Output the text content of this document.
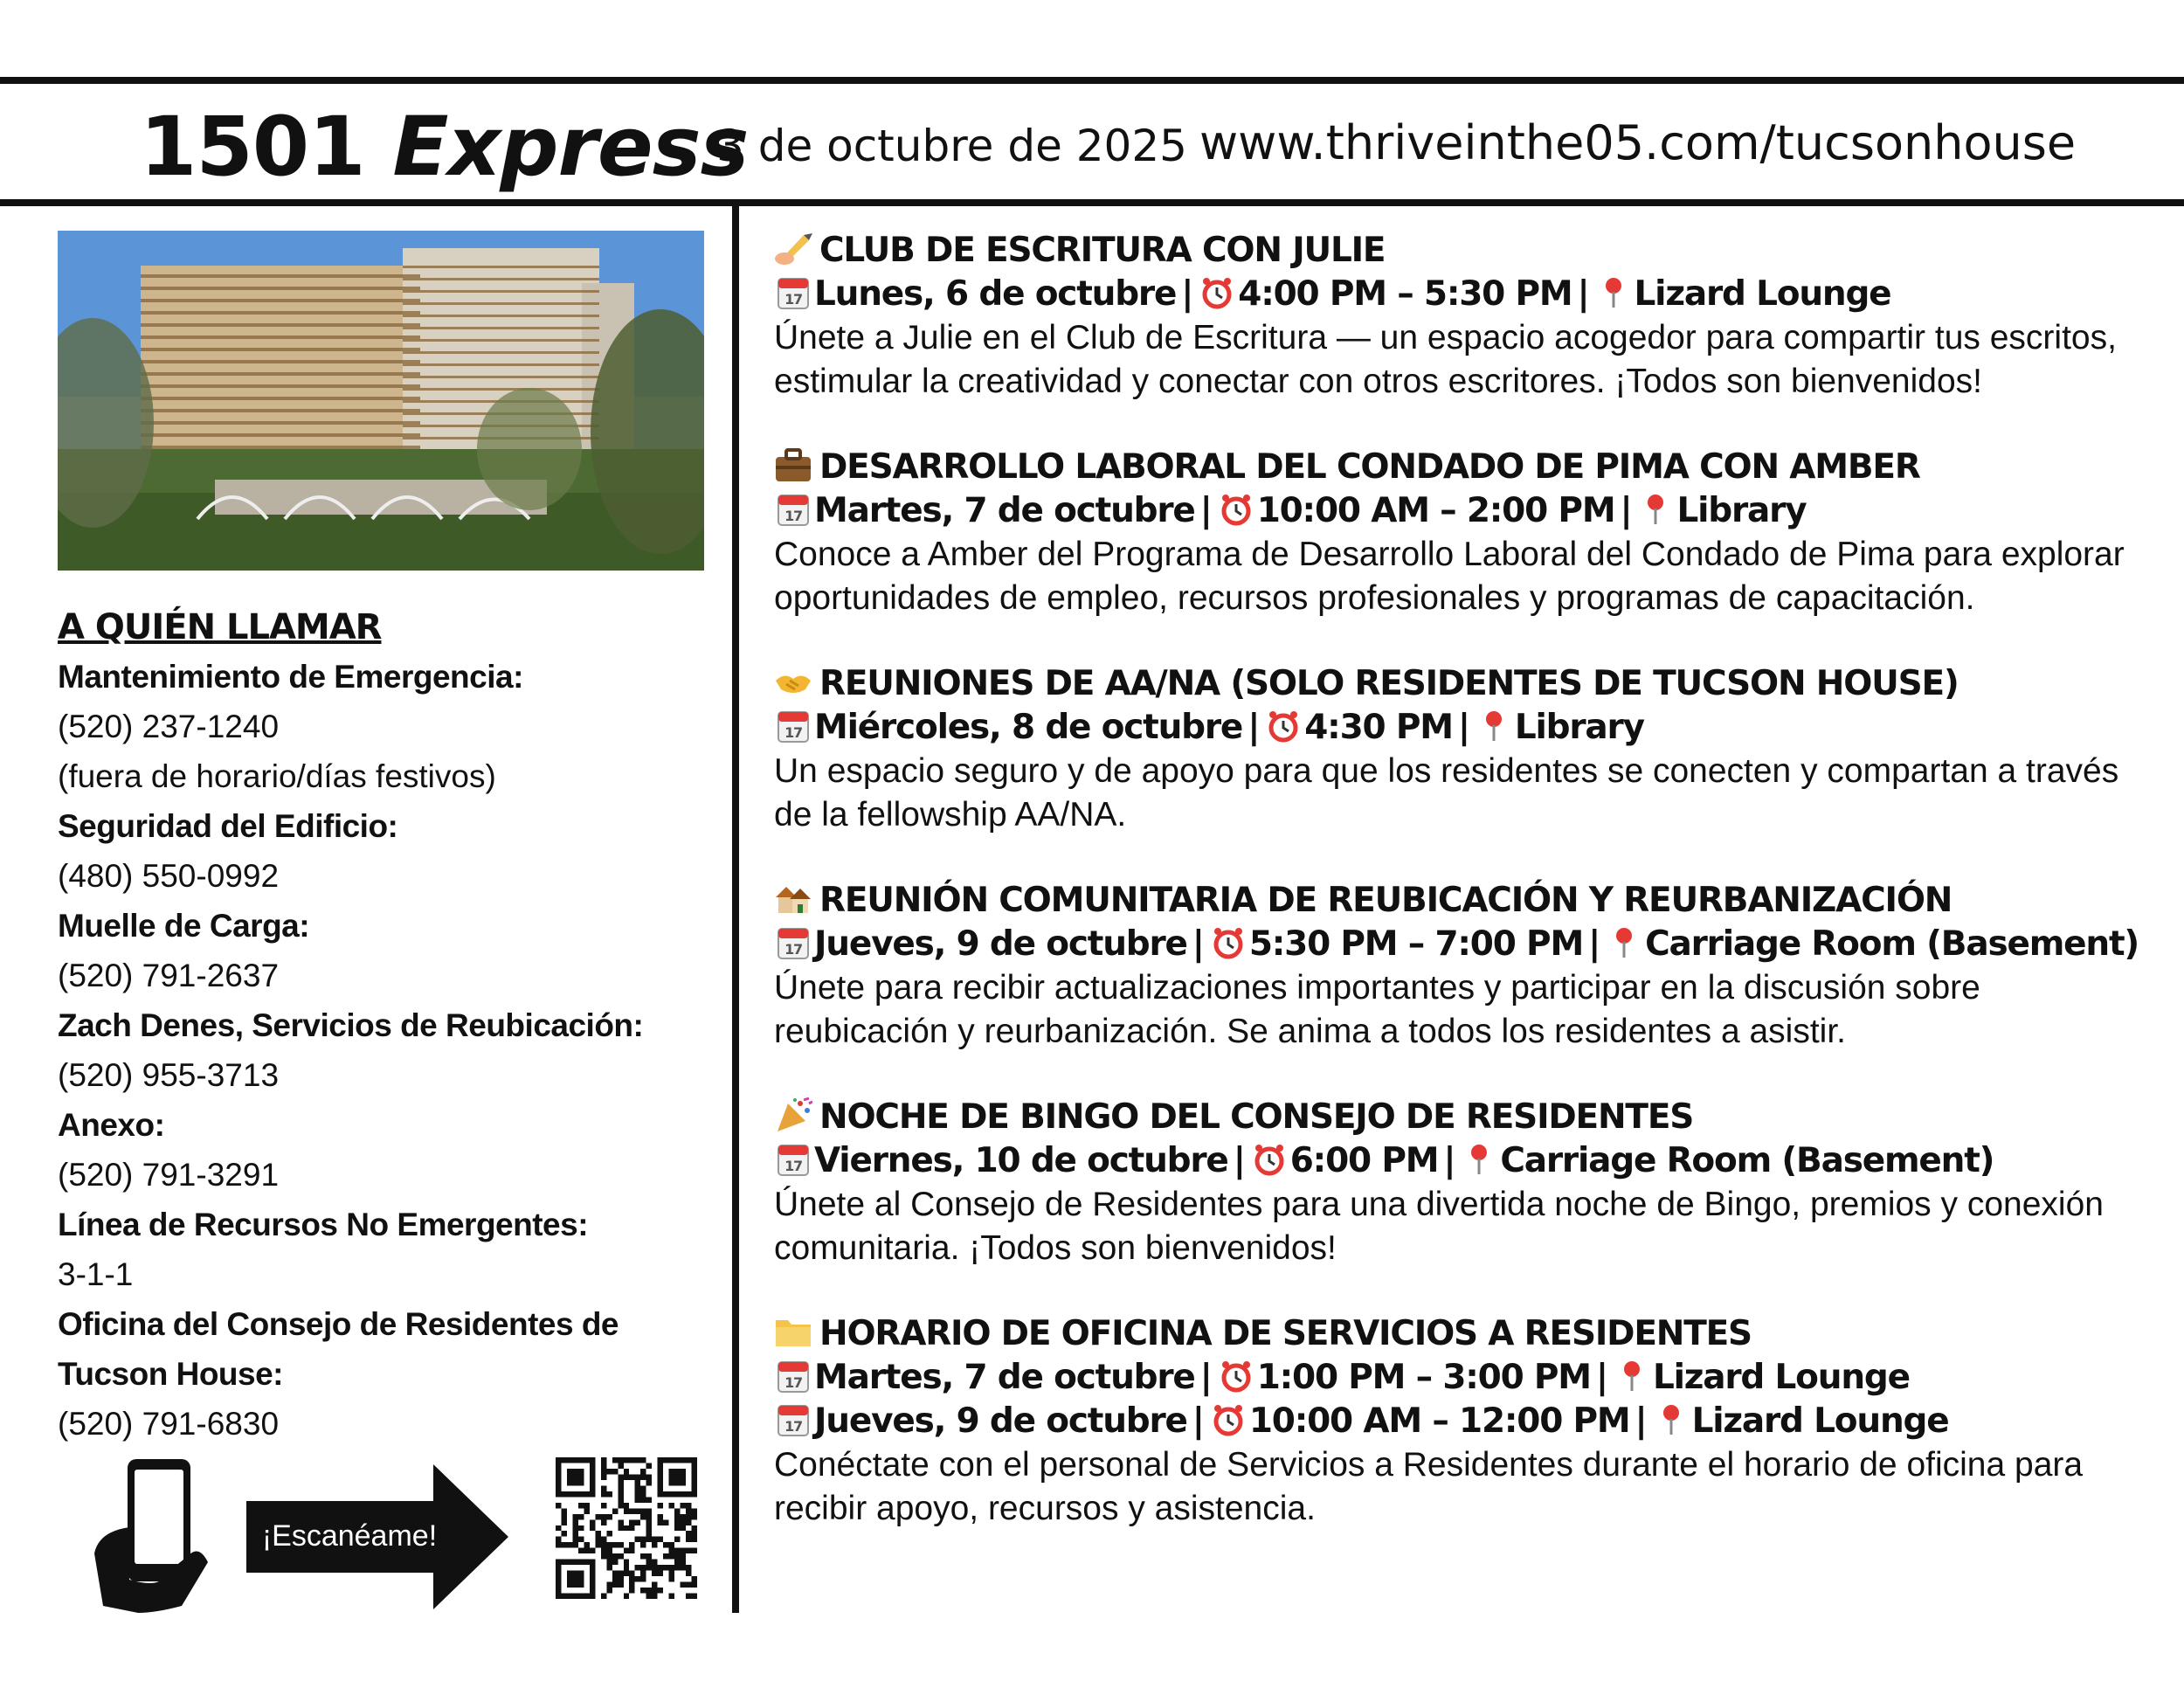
1501 Express
3 de octubre de 2025 www.thriveinthe05.com/tucsonhouse
A QUIÉN LLAMAR
Mantenimiento de Emergencia:
(520) 237-1240
(fuera de horario/días festivos)
Seguridad del Edificio:
(480) 550-0992
Muelle de Carga:
(520) 791-2637
Zach Denes, Servicios de Reubicación:
(520) 955-3713
Anexo:
(520) 791-3291
Línea de Recursos No Emergentes:
3-1-1
Oficina del Consejo de Residentes de
Tucson House:
(520) 791-6830
¡Escanéame!
CLUB DE ESCRITURA CON JULIE
17 Lunes, 6 de octubre | 4:00 PM – 5:30 PM | Lizard Lounge
Únete a Julie en el Club de Escritura — un espacio acogedor para compartir tus escritos, estimular la creatividad y conectar con otros escritores. ¡Todos son bienvenidos!
DESARROLLO LABORAL DEL CONDADO DE PIMA CON AMBER
17 Martes, 7 de octubre | 10:00 AM – 2:00 PM | Library
Conoce a Amber del Programa de Desarrollo Laboral del Condado de Pima para explorar oportunidades de empleo, recursos profesionales y programas de capacitación.
REUNIONES DE AA/NA (SOLO RESIDENTES DE TUCSON HOUSE)
17 Miércoles, 8 de octubre | 4:30 PM | Library
Un espacio seguro y de apoyo para que los residentes se conecten y compartan a través de la fellowship AA/NA.
REUNIÓN COMUNITARIA DE REUBICACIÓN Y REURBANIZACIÓN
17 Jueves, 9 de octubre | 5:30 PM – 7:00 PM | Carriage Room (Basement)
Únete para recibir actualizaciones importantes y participar en la discusión sobre reubicación y reurbanización. Se anima a todos los residentes a asistir.
NOCHE DE BINGO DEL CONSEJO DE RESIDENTES
17 Viernes, 10 de octubre | 6:00 PM | Carriage Room (Basement)
Únete al Consejo de Residentes para una divertida noche de Bingo, premios y conexión comunitaria. ¡Todos son bienvenidos!
HORARIO DE OFICINA DE SERVICIOS A RESIDENTES
17 Martes, 7 de octubre | 1:00 PM – 3:00 PM | Lizard Lounge
17 Jueves, 9 de octubre | 10:00 AM – 12:00 PM | Lizard Lounge
Conéctate con el personal de Servicios a Residentes durante el horario de oficina para recibir apoyo, recursos y asistencia.
